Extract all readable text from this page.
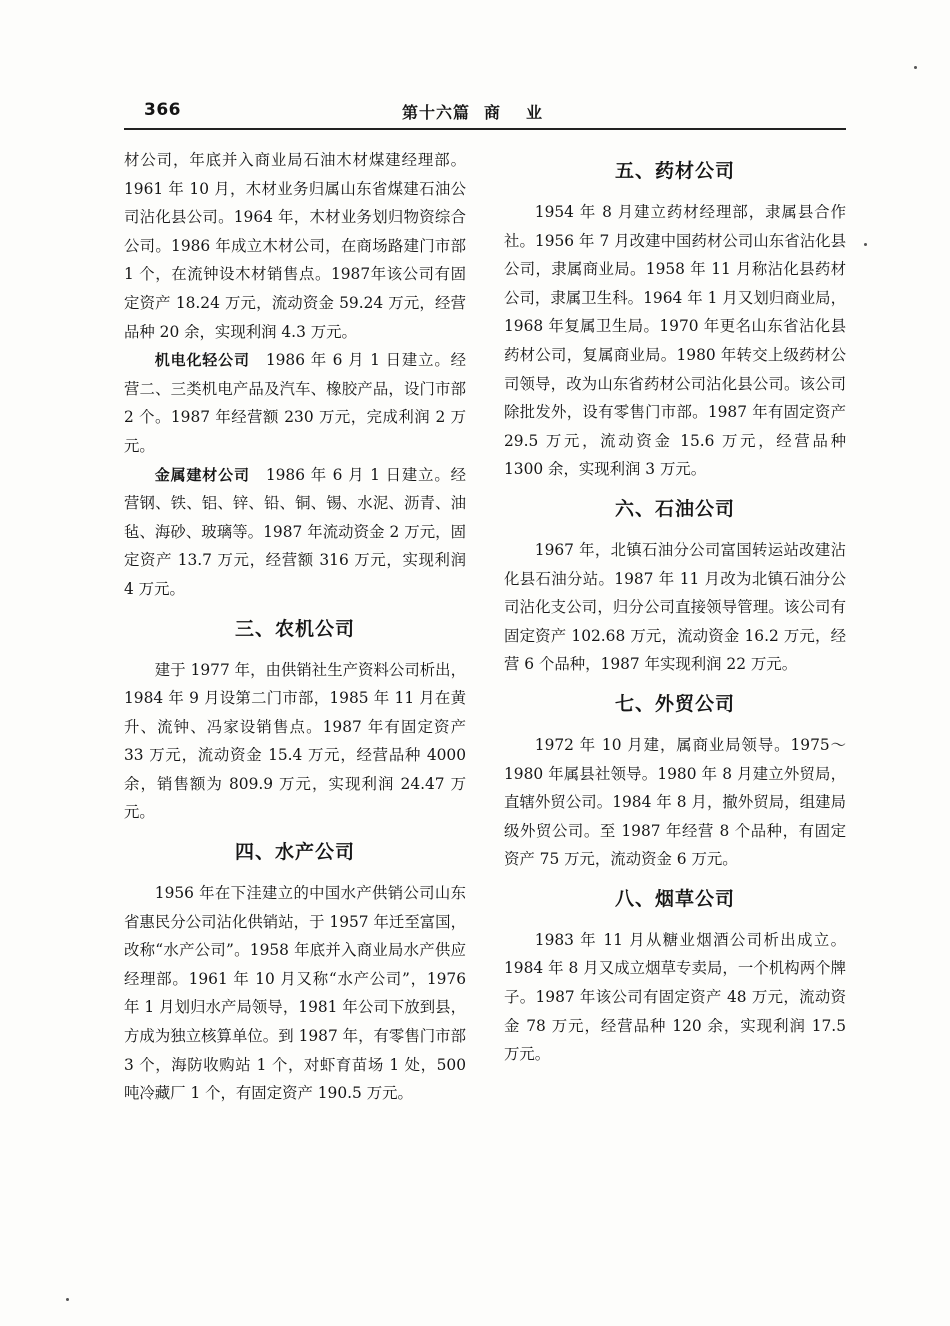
366	第十六篇 商业

材公司，年底并入商业局石油木材煤建经理部。1961 年 10 月，木材业务归属山东省煤建石油公司沾化县公司。1964 年，木材业务划归物资综合公司。1986 年成立木材公司，在商场路建门市部 1 个，在流钟设木材销售点。1987年该公司有固定资产 18.24 万元，流动资金 59.24 万元，经营品种 20 余，实现利润 4.3 万元。

机电化轻公司 1986 年 6 月 1 日建立。经营二、三类机电产品及汽车、橡胶产品，设门市部 2 个。1987 年经营额 230 万元，完成利润 2 万元。

金属建材公司 1986 年 6 月 1 日建立。经营钢、铁、铝、锌、铅、铜、锡、水泥、沥青、油毡、海砂、玻璃等。1987 年流动资金 2 万元，固定资产 13.7 万元，经营额 316 万元，实现利润 4 万元。

三、农机公司

建于 1977 年，由供销社生产资料公司析出，1984 年 9 月设第二门市部，1985 年 11 月在黄升、流钟、冯家设销售点。1987 年有固定资产 33 万元，流动资金 15.4 万元，经营品种 4000 余，销售额为 809.9 万元，实现利润 24.47 万元。

四、水产公司

1956 年在下洼建立的中国水产供销公司山东省惠民分公司沾化供销站，于 1957 年迁至富国，改称“水产公司”。1958 年底并入商业局水产供应经理部。1961 年 10 月又称“水产公司”，1976 年 1 月划归水产局领导，1981 年公司下放到县，方成为独立核算单位。到 1987 年，有零售门市部 3 个，海防收购站 1 个，对虾育苗场 1 处，500 吨冷藏厂 1 个，有固定资产 190.5 万元。

五、药材公司

1954 年 8 月建立药材经理部，隶属县合作社。1956 年 7 月改建中国药材公司山东省沾化县公司，隶属商业局。1958 年 11 月称沾化县药材公司，隶属卫生科。1964 年 1 月又划归商业局，1968 年复属卫生局。1970 年更名山东省沾化县药材公司，复属商业局。1980 年转交上级药材公司领导，改为山东省药材公司沾化县公司。该公司除批发外，设有零售门市部。1987 年有固定资产 29.5 万元，流动资金 15.6 万元，经营品种 1300 余，实现利润 3 万元。

六、石油公司

1967 年，北镇石油分公司富国转运站改建沾化县石油分站。1987 年 11 月改为北镇石油分公司沾化支公司，归分公司直接领导管理。该公司有固定资产 102.68 万元，流动资金 16.2 万元，经营 6 个品种，1987 年实现利润 22 万元。

七、外贸公司

1972 年 10 月建，属商业局领导。1975～1980 年属县社领导。1980 年 8 月建立外贸局，直辖外贸公司。1984 年 8 月，撤外贸局，组建局级外贸公司。至 1987 年经营 8 个品种，有固定资产 75 万元，流动资金 6 万元。

八、烟草公司

1983 年 11 月从糖业烟酒公司析出成立。1984 年 8 月又成立烟草专卖局，一个机构两个牌子。1987 年该公司有固定资产 48 万元，流动资金 78 万元，经营品种 120 余，实现利润 17.5 万元。
